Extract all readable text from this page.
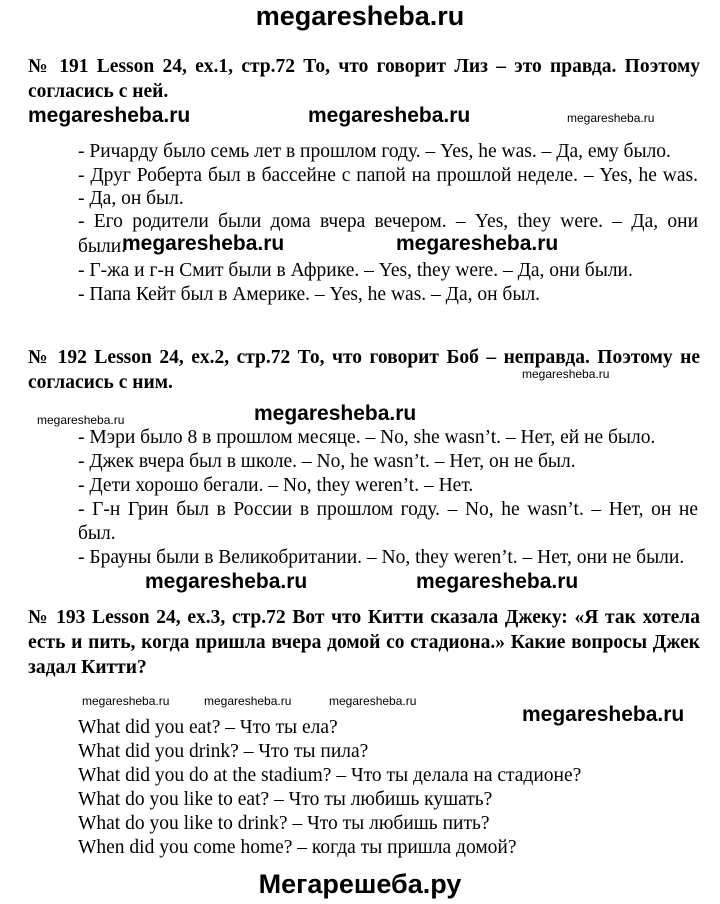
megaresheba.ru
№ 191 Lesson 24, ex.1, стр.72 То, что говорит Лиз – это правда. Поэтому согласись с ней.
megaresheba.ru	megaresheba.ru	megaresheba.ru
- Ричарду было семь лет в прошлом году. – Yes, he was. – Да, ему было.
- Друг Роберта был в бассейне с папой на прошлой неделе. – Yes, he was.
- Да, он был.
- Его родители были дома вчера вечером. – Yes, they were. – Да, они
были.
megaresheba.ru	megaresheba.ru
- Г-жа и г-н Смит были в Африке. – Yes, they were. – Да, они были.
- Папа Кейт был в Америке. – Yes, he was. – Да, он был.
№ 192 Lesson 24, ex.2, стр.72 То, что говорит Боб – неправда. Поэтому не согласись с ним.	megaresheba.ru
megaresheba.ru	megaresheba.ru
- Мэри было 8 в прошлом месяце. – No, she wasn’t. – Нет, ей не было.
- Джек вчера был в школе. – No, he wasn’t. – Нет, он не был.
- Дети хорошо бегали. – No, they weren’t. – Нет.
- Г-н Грин был в России в прошлом году. – No, he wasn’t. – Нет, он не
был.
- Брауны были в Великобритании. – No, they weren’t. – Нет, они не были.
megaresheba.ru	megaresheba.ru
№ 193 Lesson 24, ex.3, стр.72 Вот что Китти сказала Джеку: «Я так хотела есть и пить, когда пришла вчера домой со стадиона.» Какие вопросы Джек задал Китти?
megaresheba.ru	megaresheba.ru	megaresheba.ru
megaresheba.ru
What did you eat? – Что ты ела?
What did you drink? – Что ты пила?
What did you do at the stadium? – Что ты делала на стадионе?
What do you like to eat? – Что ты любишь кушать?
What do you like to drink? – Что ты любишь пить?
When did you come home? – когда ты пришла домой?
Мегарешеба.ру
